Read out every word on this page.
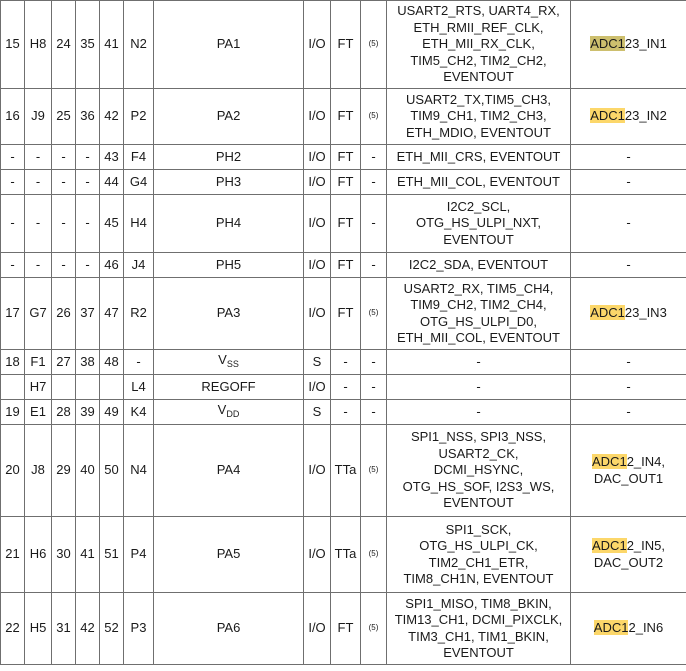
15	H8	24	35	41	N2	PA1	I/O	FT	$^{(5)}$	USART2_RTS, UART4_RX,
ETH_RMII_REF_CLK,
ETH_MII_RX_CLK,
TIM5_CH2, TIM2_CH2,
EVENTOUT	ADC123_IN1

16	J9	25	36	42	P2	PA2	I/O	FT	$^{(5)}$	USART2_TX,TIM5_CH3,
TIM9_CH1, TIM2_CH3,
ETH_MDIO, EVENTOUT	ADC123_IN2

-	-	-	-	43	F4	PH2	I/O	FT	-	ETH_MII_CRS, EVENTOUT	-

-	-	-	-	44	G4	PH3	I/O	FT	-	ETH_MII_COL, EVENTOUT	-

-	-	-	-	45	H4	PH4	I/O	FT	-	I2C2_SCL,
OTG_HS_ULPI_NXT,
EVENTOUT	-

-	-	-	-	46	J4	PH5	I/O	FT	-	I2C2_SDA, EVENTOUT	-

17	G7	26	37	47	R2	PA3	I/O	FT	$^{(5)}$	USART2_RX, TIM5_CH4,
TIM9_CH2, TIM2_CH4,
OTG_HS_ULPI_D0,
ETH_MII_COL, EVENTOUT	ADC123_IN3

18	F1	27	38	48	-	$V_{SS}$	S	-	-	-	-

	H7				L4	REGOFF	I/O	-	-	-	-

19	E1	28	39	49	K4	$V_{DD}$	S	-	-	-	-

20	J8	29	40	50	N4	PA4	I/O	TTa	$^{(5)}$	SPI1_NSS, SPI3_NSS,
USART2_CK,
DCMI_HSYNC,
OTG_HS_SOF, I2S3_WS,
EVENTOUT	ADC12_IN4,
DAC_OUT1

21	H6	30	41	51	P4	PA5	I/O	TTa	$^{(5)}$	SPI1_SCK,
OTG_HS_ULPI_CK,
TIM2_CH1_ETR,
TIM8_CH1N, EVENTOUT	ADC12_IN5,
DAC_OUT2

22	H5	31	42	52	P3	PA6	I/O	FT	$^{(5)}$	SPI1_MISO, TIM8_BKIN,
TIM13_CH1, DCMI_PIXCLK,
TIM3_CH1, TIM1_BKIN,
EVENTOUT	ADC12_IN6
